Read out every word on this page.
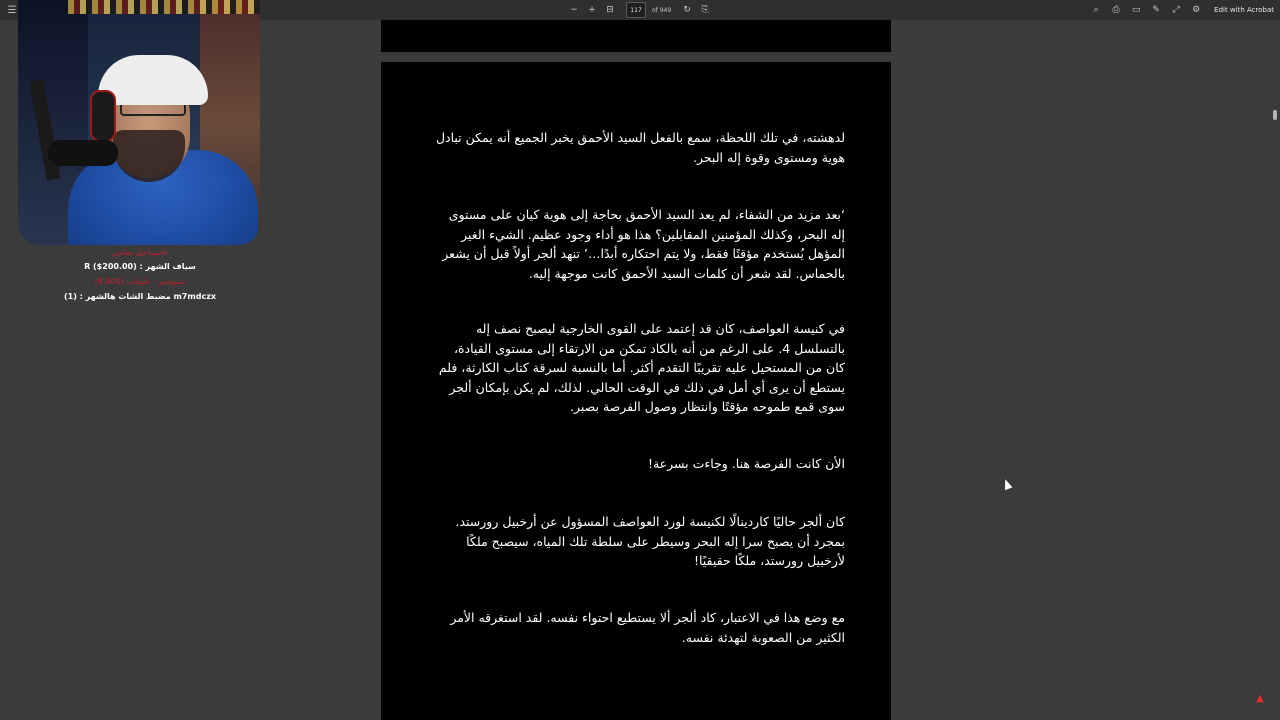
☰	−	+	⊟
117	of 949	↻	⎘	⌕	⎙	▭	✎	⤢	⚙	Edit with Acrobat
ءاسماعيل ضاحي
R ($200.00) : سياف الشهر
(8.00$) سبونسر : خليفات
مضبط الشات هالشهر : (1) m7mdczx

لدهشته، في تلك اللحظة، سمع بالفعل السيد الأحمق يخبر الجميع أنه يمكن تبادل هوية ومستوى وقوة إله البحر.

‘بعد مزيد من الشفاء، لم يعد السيد الأحمق بحاجة إلى هوية كيان على مستوى إله البحر، وكذلك المؤمنين المقابلين؟ هذا هو أداء وجود عظيم. الشيء الغير المؤهل يُستخدم مؤقتًا فقط، ولا يتم احتكاره أبدًا…’ تنهد ألجر أولاً قبل أن يشعر بالحماس. لقد شعر أن كلمات السيد الأحمق كانت موجهة إليه.

في كنيسة العواصف، كان قد إعتمد على القوى الخارجية ليصبح نصف إله بالتسلسل 4. على الرغم من أنه بالكاد تمكن من الارتقاء إلى مستوى القيادة، كان من المستحيل عليه تقريبًا التقدم أكثر. أما بالنسبة لسرقة كتاب الكارثة، فلم يستطع أن يرى أي أمل في ذلك في الوقت الحالي. لذلك، لم يكن بإمكان ألجر سوى قمع طموحه مؤقتًا وانتظار وصول الفرصة بصبر.

الأن كانت الفرصة هنا. وجاءت بسرعة!

كان ألجر حاليًا كاردينالًا لكنيسة لورد العواصف المسؤول عن أرخبيل رورستد. بمجرد أن يصبح سرا إله البحر وسيطر على سلطة تلك المياه، سيصبح ملكًا لأرخبيل رورستد، ملكًا حقيقيًا!

مع وضع هذا في الاعتبار، كاد ألجر ألا يستطيع احتواء نفسه. لقد استغرقه الأمر الكثير من الصعوبة لتهدئة نفسه.

▲
